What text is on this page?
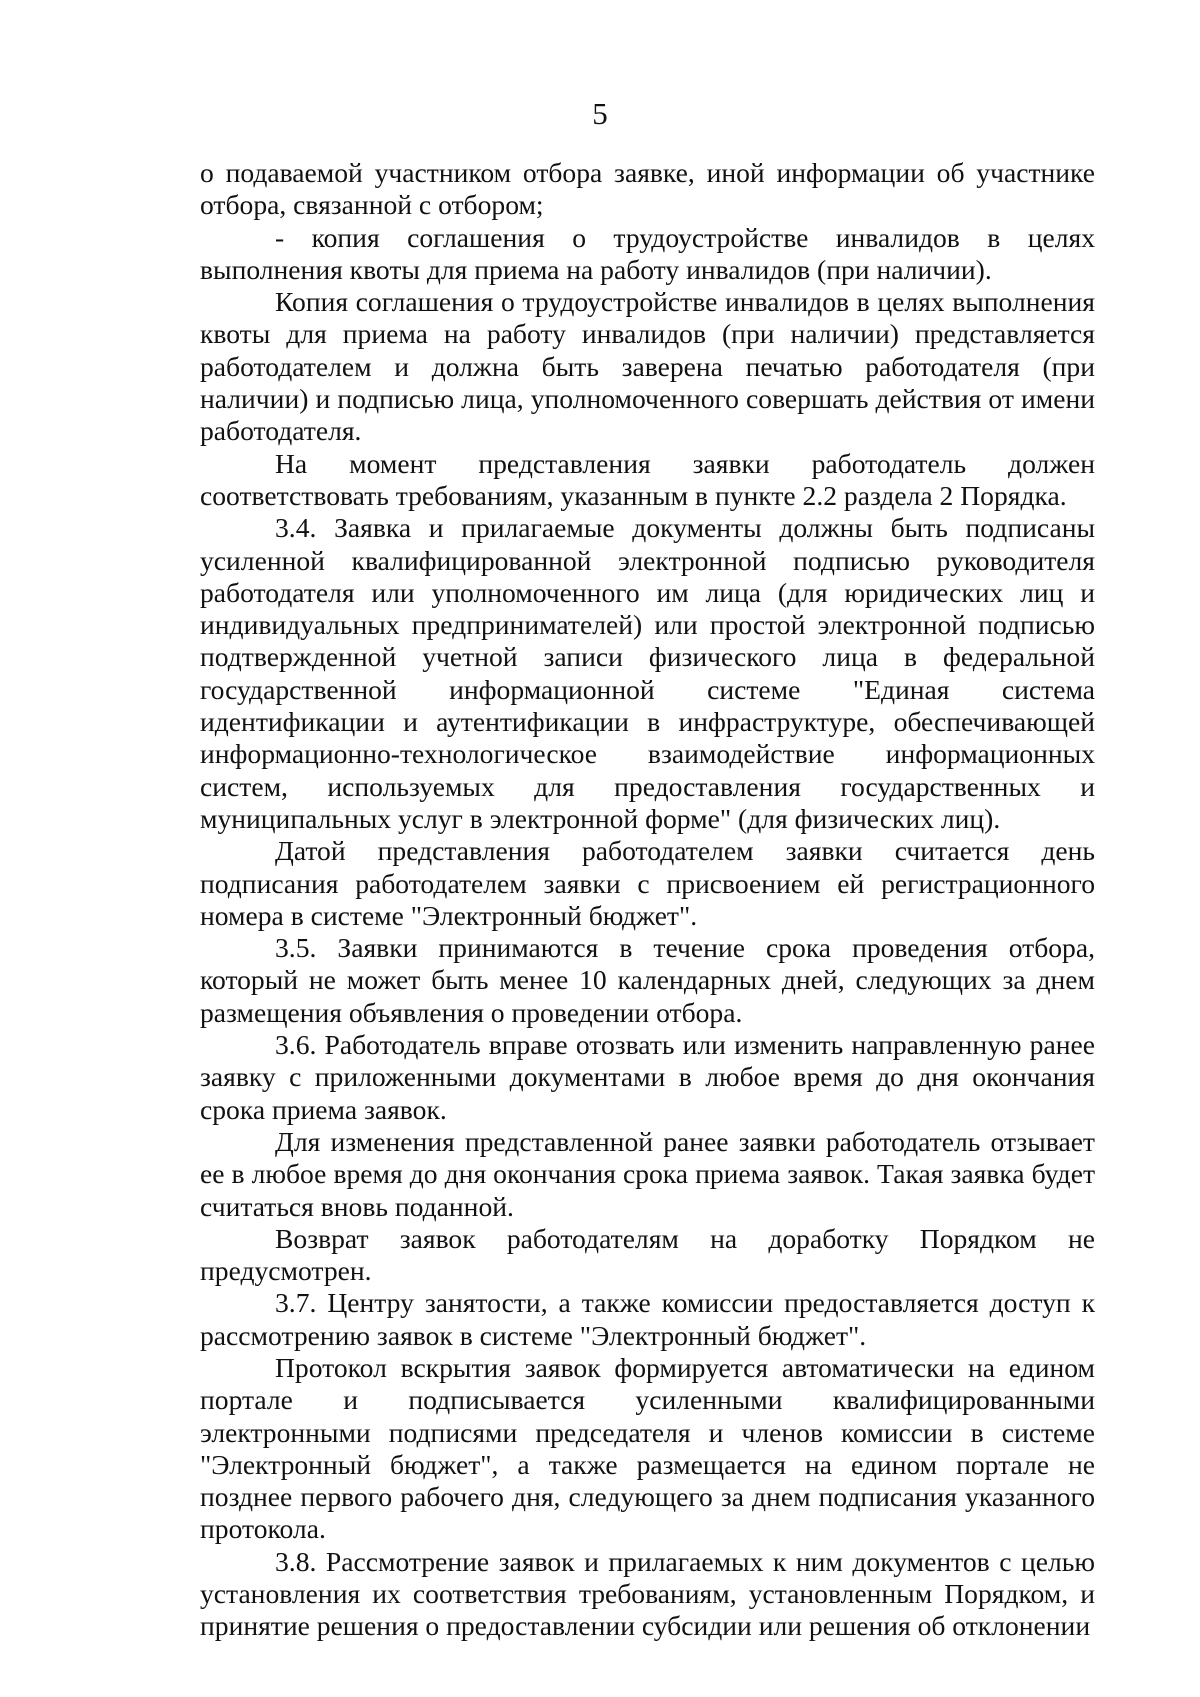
5

о подаваемой участником отбора заявке, иной информации об участнике отбора, связанной с отбором;

- копия соглашения о трудоустройстве инвалидов в целях выполнения квоты для приема на работу инвалидов (при наличии).

Копия соглашения о трудоустройстве инвалидов в целях выполнения квоты для приема на работу инвалидов (при наличии) представляется работодателем и должна быть заверена печатью работодателя (при наличии) и подписью лица, уполномоченного совершать действия от имени работодателя.

На момент представления заявки работодатель должен соответствовать требованиям, указанным в пункте 2.2 раздела 2 Порядка.

3.4. Заявка и прилагаемые документы должны быть подписаны усиленной квалифицированной электронной подписью руководителя работодателя или уполномоченного им лица (для юридических лиц и индивидуальных предпринимателей) или простой электронной подписью подтвержденной учетной записи физического лица в федеральной государственной информационной системе "Единая система идентификации и аутентификации в инфраструктуре, обеспечивающей информационно-технологическое взаимодействие информационных систем, используемых для предоставления государственных и муниципальных услуг в электронной форме" (для физических лиц).

Датой представления работодателем заявки считается день подписания работодателем заявки с присвоением ей регистрационного номера в системе "Электронный бюджет".

3.5. Заявки принимаются в течение срока проведения отбора, который не может быть менее 10 календарных дней, следующих за днем размещения объявления о проведении отбора.

3.6. Работодатель вправе отозвать или изменить направленную ранее заявку с приложенными документами в любое время до дня окончания срока приема заявок.

Для изменения представленной ранее заявки работодатель отзывает ее в любое время до дня окончания срока приема заявок. Такая заявка будет считаться вновь поданной.

Возврат заявок работодателям на доработку Порядком не предусмотрен.

3.7. Центру занятости, а также комиссии предоставляется доступ к рассмотрению заявок в системе "Электронный бюджет".

Протокол вскрытия заявок формируется автоматически на едином портале и подписывается усиленными квалифицированными электронными подписями председателя и членов комиссии в системе "Электронный бюджет", а также размещается на едином портале не позднее первого рабочего дня, следующего за днем подписания указанного протокола.

3.8. Рассмотрение заявок и прилагаемых к ним документов с целью установления их соответствия требованиям, установленным Порядком, и принятие решения о предоставлении субсидии или решения об отклонении
